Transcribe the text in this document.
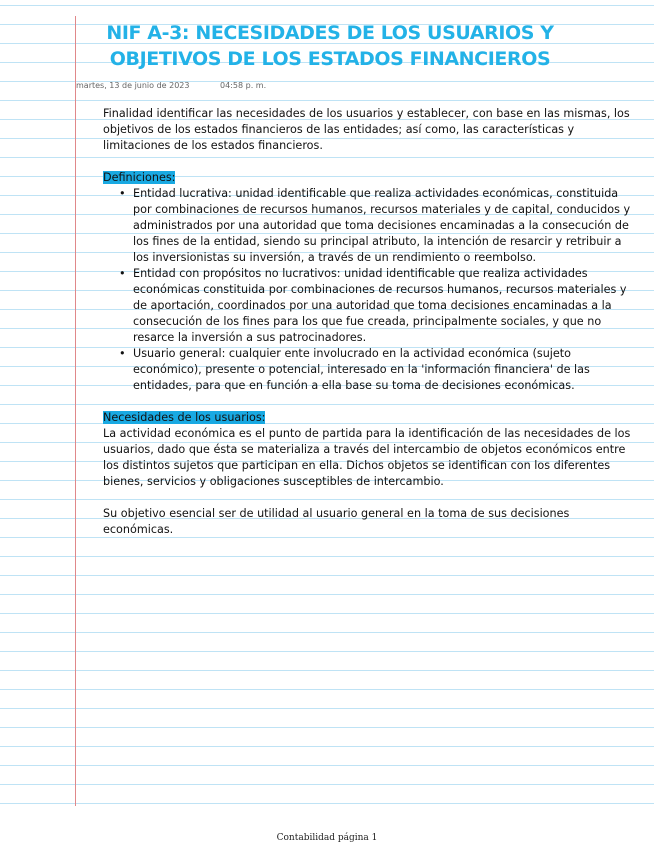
NIF A-3: NECESIDADES DE LOS USUARIOS Y
OBJETIVOS DE LOS ESTADOS FINANCIEROS
martes, 13 de junio de 2023	04:58 p. m.

Finalidad identificar las necesidades de los usuarios y establecer, con base en las mismas, los objetivos de los estados financieros de las entidades; así como, las características y limitaciones de los estados financieros.

Definiciones:

• Entidad lucrativa: unidad identificable que realiza actividades económicas, constituida por combinaciones de recursos humanos, recursos materiales y de capital, conducidos y administrados por una autoridad que toma decisiones encaminadas a la consecución de los fines de la entidad, siendo su principal atributo, la intención de resarcir y retribuir a los inversionistas su inversión, a través de un rendimiento o reembolso.
• Entidad con propósitos no lucrativos: unidad identificable que realiza actividades económicas constituida por combinaciones de recursos humanos, recursos materiales y de aportación, coordinados por una autoridad que toma decisiones encaminadas a la consecución de los fines para los que fue creada, principalmente sociales, y que no resarce la inversión a sus patrocinadores.
• Usuario general: cualquier ente involucrado en la actividad económica (sujeto económico), presente o potencial, interesado en la 'información financiera' de las entidades, para que en función a ella base su toma de decisiones económicas.

Necesidades de los usuarios:

La actividad económica es el punto de partida para la identificación de las necesidades de los usuarios, dado que ésta se materializa a través del intercambio de objetos económicos entre los distintos sujetos que participan en ella. Dichos objetos se identifican con los diferentes bienes, servicios y obligaciones susceptibles de intercambio.

Su objetivo esencial ser de utilidad al usuario general en la toma de sus decisiones económicas.

Contabilidad página 1
